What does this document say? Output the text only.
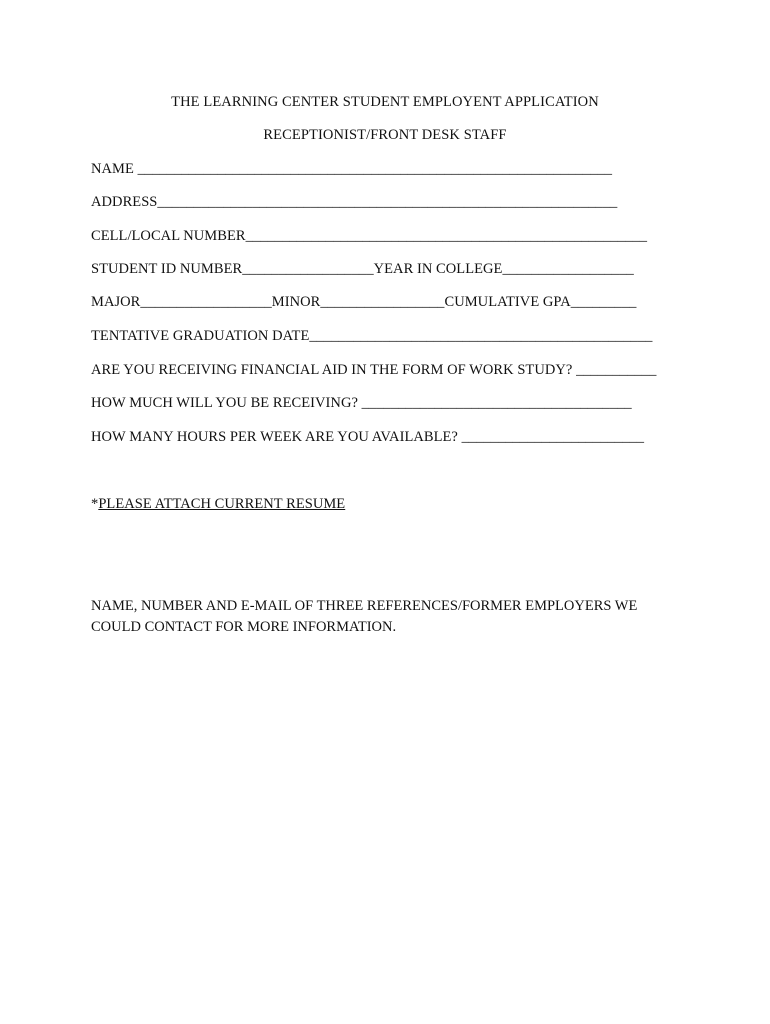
THE LEARNING CENTER STUDENT EMPLOYENT APPLICATION
RECEPTIONIST/FRONT DESK STAFF
NAME _________________________________________________________________
ADDRESS_______________________________________________________________
CELL/LOCAL NUMBER_______________________________________________________
STUDENT ID NUMBER__________________YEAR IN COLLEGE__________________
MAJOR__________________MINOR_________________CUMULATIVE GPA_________
TENTATIVE GRADUATION DATE_______________________________________________
ARE YOU RECEIVING FINANCIAL AID IN THE FORM OF WORK STUDY? ___________
HOW MUCH WILL YOU BE RECEIVING? _____________________________________
HOW MANY HOURS PER WEEK ARE YOU AVAILABLE? _________________________
*PLEASE ATTACH CURRENT RESUME
NAME, NUMBER AND E-MAIL OF THREE REFERENCES/FORMER EMPLOYERS WE
COULD CONTACT FOR MORE INFORMATION.
